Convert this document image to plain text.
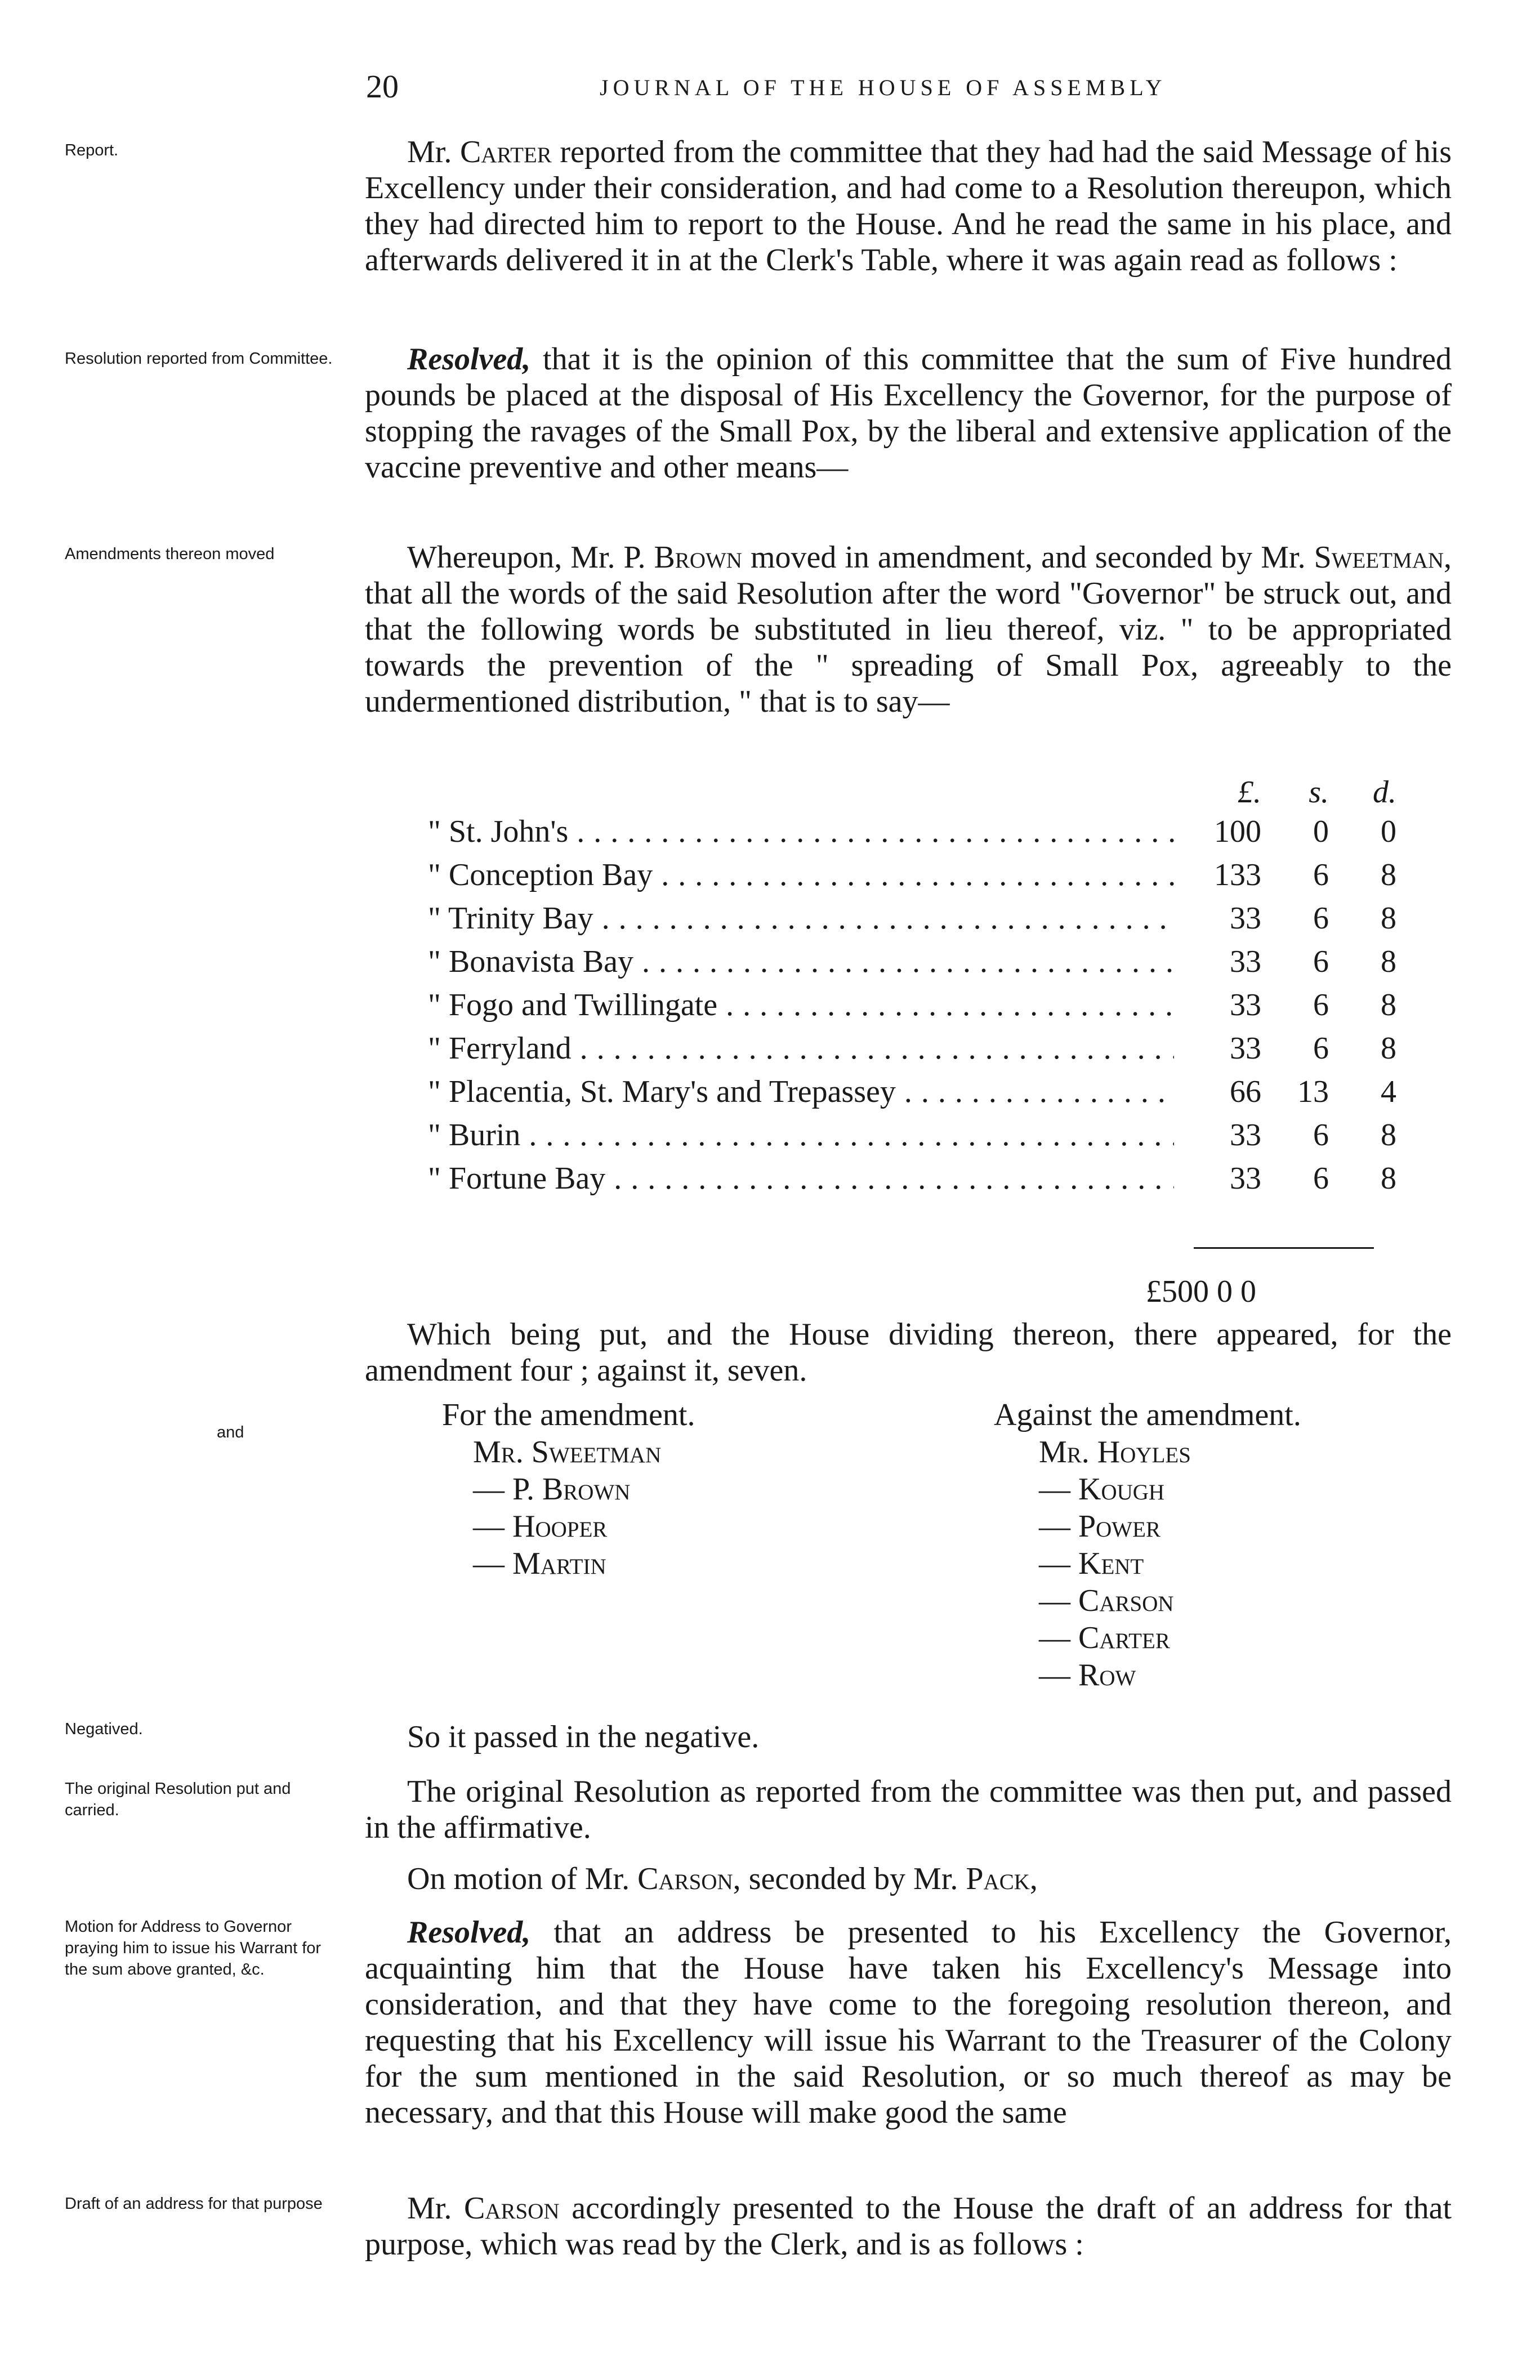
20	JOURNAL OF THE HOUSE OF ASSEMBLY
Report.
Resolution reported from Committee.
Amendments thereon moved
and
Negatived.
The original Resolution put and carried.
Motion for Address to Governor praying him to issue his Warrant for the sum above granted, &c.
Draft of an address for that purpose
Mr. Carter reported from the committee that they had had the said Message of his Excellency under their consideration, and had come to a Resolution thereupon, which they had directed him to report to the House. And he read the same in his place, and afterwards delivered it in at the Clerk's Table, where it was again read as follows :
Resolved, that it is the opinion of this committee that the sum of Five hundred pounds be placed at the disposal of His Excellency the Governor, for the purpose of stopping the ravages of the Small Pox, by the liberal and extensive application of the vaccine preventive and other means—
Whereupon, Mr. P. Brown moved in amendment, and seconded by Mr. Sweetman, that all the words of the said Resolution after the word "Governor" be struck out, and that the following words be substituted in lieu thereof, viz. " to be appropriated towards the prevention of the " spreading of Small Pox, agreeably to the undermentioned distribution, " that is to say—
£.	s.	d.
" St. John's . . .	100	0	0
" Conception Bay . . .	133	6	8
" Trinity Bay . . .	33	6	8
" Bonavista Bay . . .	33	6	8
" Fogo and Twillingate . . .	33	6	8
" Ferryland . . .	33	6	8
" Placentia, St. Mary's and Trepassey . . .	66	13	4
" Burin . . .	33	6	8
" Fortune Bay . . .	33	6	8
£500 0 0
Which being put, and the House dividing thereon, there appeared, for the amendment four ; against it, seven.
For the amendment.
Mr. Sweetman
— P. Brown
— Hooper
— Martin
Against the amendment.
Mr. Hoyles
— Kough
— Power
— Kent
— Carson
— Carter
— Row
So it passed in the negative.
The original Resolution as reported from the committee was then put, and passed in the affirmative.
On motion of Mr. Carson, seconded by Mr. Pack,
Resolved, that an address be presented to his Excellency the Governor, acquainting him that the House have taken his Excellency's Message into consideration, and that they have come to the foregoing resolution thereon, and requesting that his Excellency will issue his Warrant to the Treasurer of the Colony for the sum mentioned in the said Resolution, or so much thereof as may be necessary, and that this House will make good the same
Mr. Carson accordingly presented to the House the draft of an address for that purpose, which was read by the Clerk, and is as follows :
